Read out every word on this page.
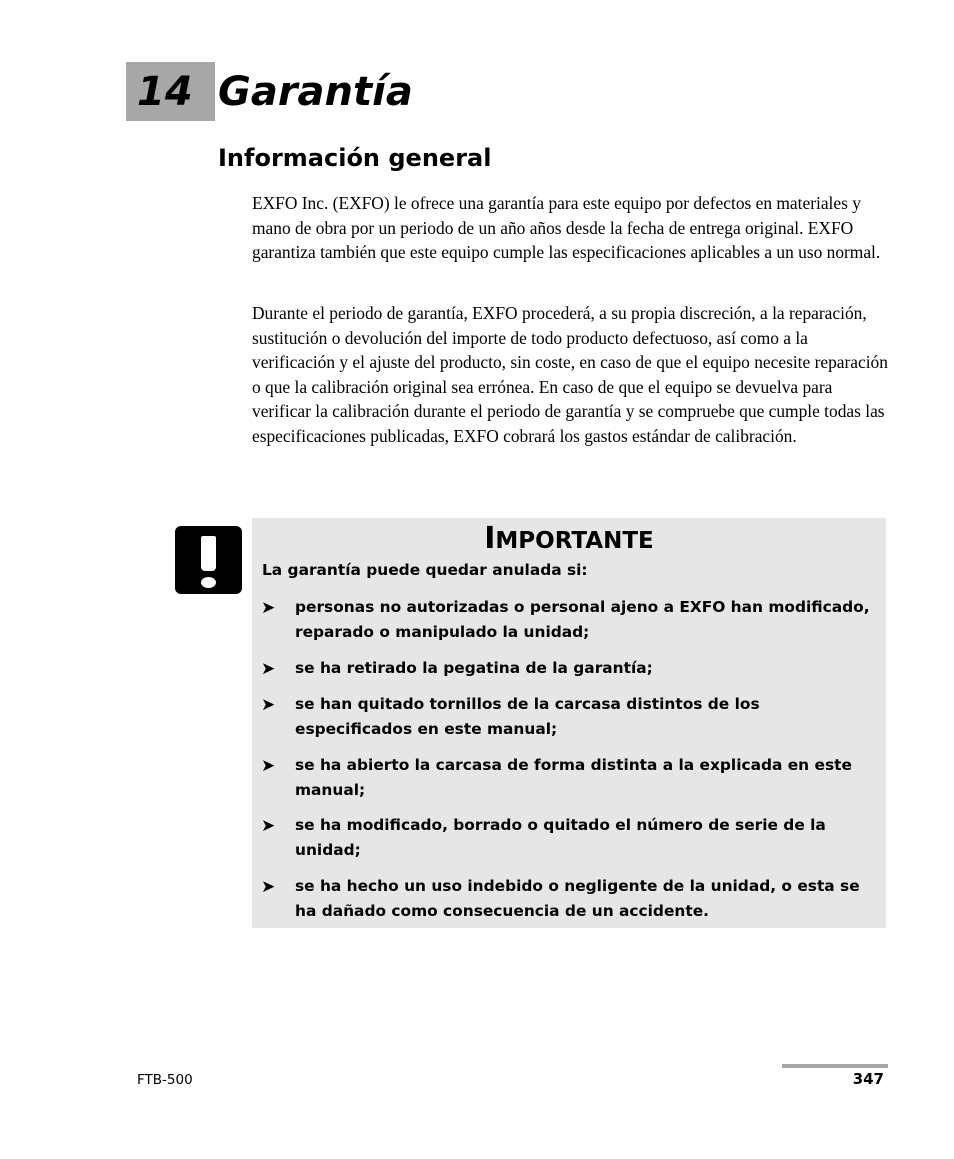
14 Garantía
Información general
EXFO Inc. (EXFO) le ofrece una garantía para este equipo por defectos en materiales y mano de obra por un periodo de un año años desde la fecha de entrega original. EXFO garantiza también que este equipo cumple las especificaciones aplicables a un uso normal.
Durante el periodo de garantía, EXFO procederá, a su propia discreción, a la reparación, sustitución o devolución del importe de todo producto defectuoso, así como a la verificación y el ajuste del producto, sin coste, en caso de que el equipo necesite reparación o que la calibración original sea errónea. En caso de que el equipo se devuelva para verificar la calibración durante el periodo de garantía y se compruebe que cumple todas las especificaciones publicadas, EXFO cobrará los gastos estándar de calibración.
IMPORTANTE
La garantía puede quedar anulada si:
➤ personas no autorizadas o personal ajeno a EXFO han modificado, reparado o manipulado la unidad;
➤ se ha retirado la pegatina de la garantía;
➤ se han quitado tornillos de la carcasa distintos de los especificados en este manual;
➤ se ha abierto la carcasa de forma distinta a la explicada en este manual;
➤ se ha modificado, borrado o quitado el número de serie de la unidad;
➤ se ha hecho un uso indebido o negligente de la unidad, o esta se ha dañado como consecuencia de un accidente.
FTB-500	347
